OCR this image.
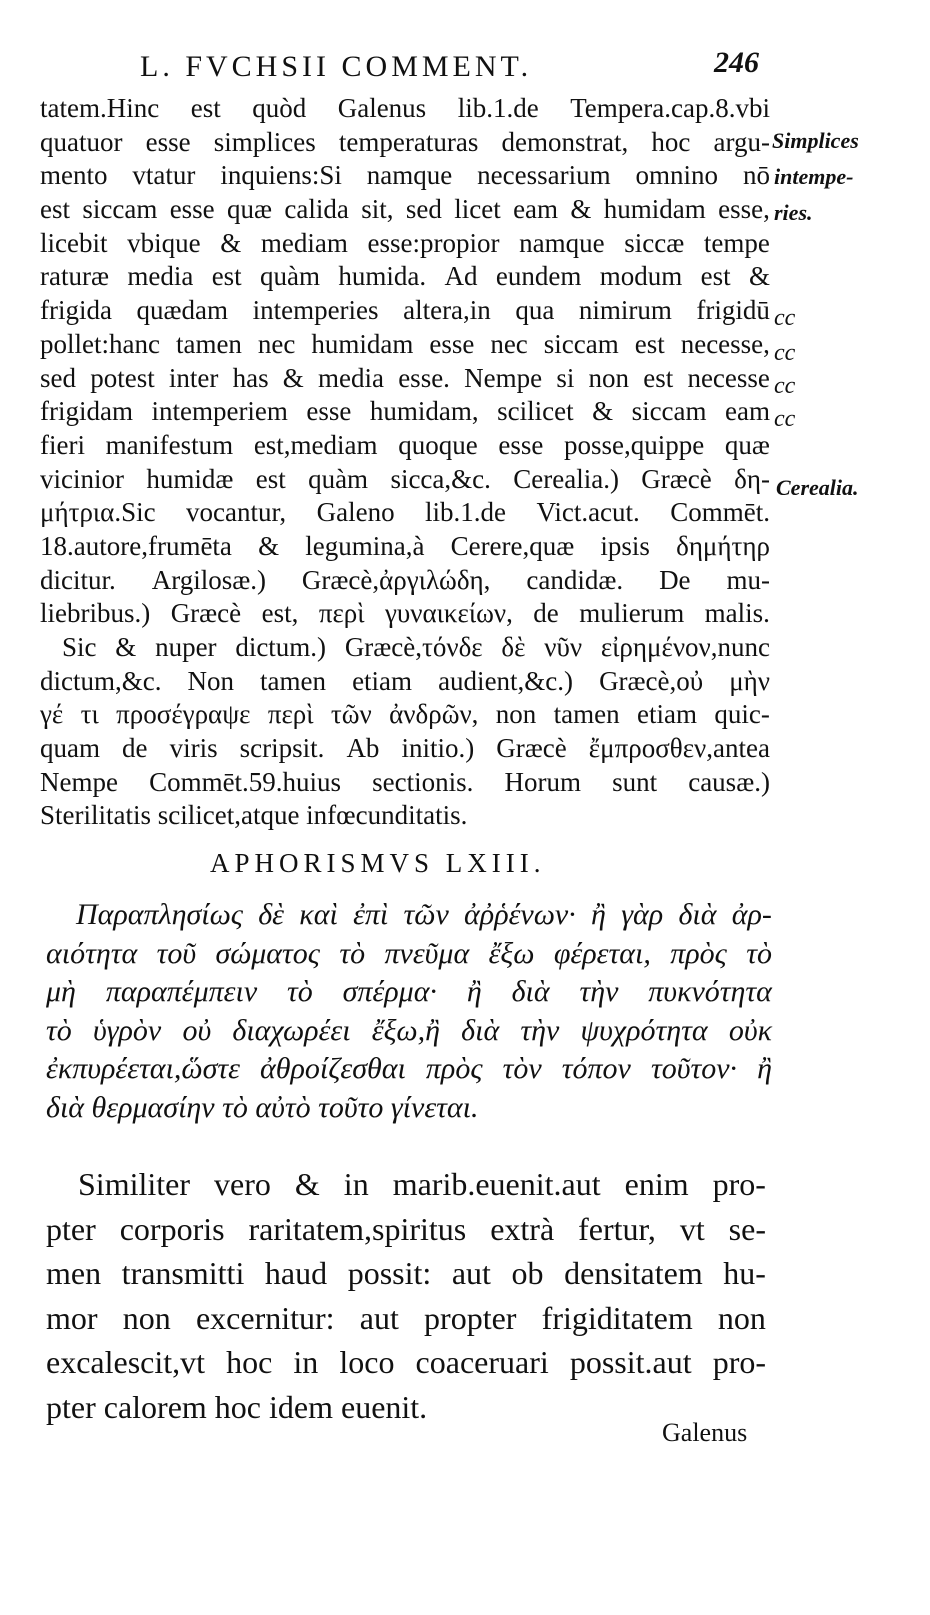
L. FVCHSII COMMENT.	246
tatem.Hinc est quòd Galenus lib.1.de Tempera.cap.8.vbi
quatuor esse simplices temperaturas demonstrat, hoc argu-
mento vtatur inquiens:Si namque necessarium omnino nō
est siccam esse quæ calida sit, sed licet eam & humidam esse,
licebit vbique & mediam esse:propior namque siccæ tempe
raturæ media est quàm humida. Ad eundem modum est &
frigida quædam intemperies altera,in qua nimirum frigidū
pollet:hanc tamen nec humidam esse nec siccam est necesse,
sed potest inter has & media esse. Nempe si non est necesse
frigidam intemperiem esse humidam, scilicet & siccam eam
fieri manifestum est,mediam quoque esse posse,quippe quæ
vicinior humidæ est quàm sicca,&c. Cerealia.) Græcè δη-
μήτρια.Sic vocantur, Galeno lib.1.de Vict.acut. Commēt.
18.autore,frumēta & legumina,à Cerere,quæ ipsis δημήτηρ
dicitur. Argilosæ.) Græcè,ἀργιλώδη, candidæ. De mu-
liebribus.) Græcè est, περὶ γυναικείων, de mulierum malis.
Sic & nuper dictum.) Græcè,τόνδε δὲ νῦν εἰρημένον,nunc
dictum,&c. Non tamen etiam audient,&c.) Græcè,οὐ μὴν
γέ τι προσέγραψε περὶ τῶν ἀνδρῶν, non tamen etiam quic-
quam de viris scripsit. Ab initio.) Græcè ἔμπροσθεν,antea
Nempe Commēt.59.huius sectionis. Horum sunt causæ.)
Sterilitatis scilicet,atque infœcunditatis.
Simplices
intempe-
ries.
cc
cc
cc
cc
Cerealia.
APHORISMVS LXIII.
Παραπλησίως δὲ καὶ ἐπὶ τῶν ἀῤῥένων· ἢ γὰρ διὰ ἀρ-
αιότητα τοῦ σώματος τὸ πνεῦμα ἔξω φέρεται, πρὸς τὸ
μὴ παραπέμπειν τὸ σπέρμα· ἢ διὰ τὴν πυκνότητα
τὸ ὑγρὸν οὐ διαχωρέει ἔξω,ἢ διὰ τὴν ψυχρότητα οὐκ
ἐκπυρέεται,ὥστε ἀθροίζεσθαι πρὸς τὸν τόπον τοῦτον· ἢ
διὰ θερμασίην τὸ αὐτὸ τοῦτο γίνεται.
Similiter vero & in marib.euenit.aut enim pro-
pter corporis raritatem,spiritus extrà fertur, vt se-
men transmitti haud possit: aut ob densitatem hu-
mor non excernitur: aut propter frigiditatem non
excalescit,vt hoc in loco coaceruari possit.aut pro-
pter calorem hoc idem euenit.
Galenus
